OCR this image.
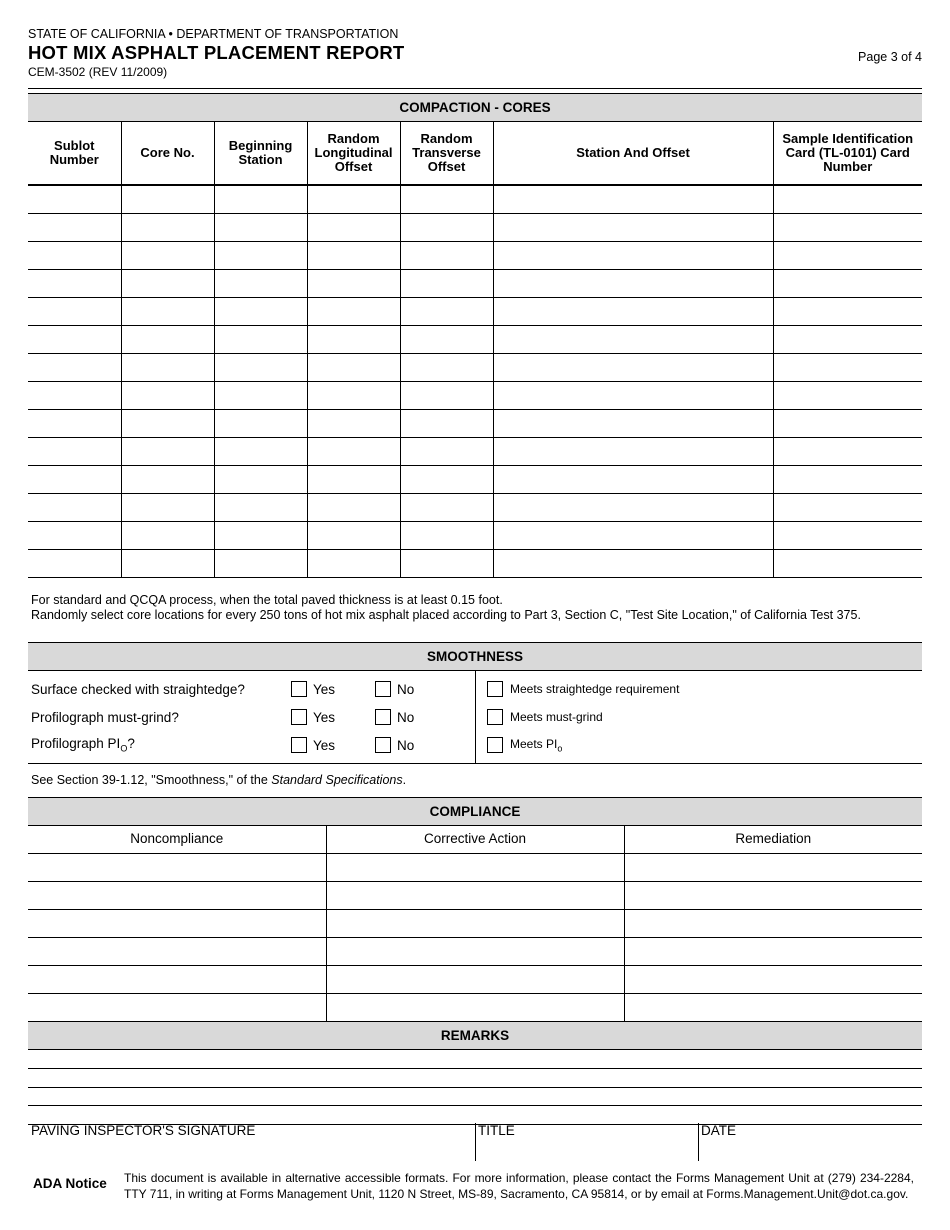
STATE OF CALIFORNIA • DEPARTMENT OF TRANSPORTATION
HOT MIX ASPHALT PLACEMENT REPORT
CEM-3502 (REV 11/2009)
Page 3 of 4
COMPACTION - CORES
Sublot Number	Core No.	Beginning Station	Random Longitudinal Offset	Random Transverse Offset	Station And Offset	Sample Identification Card (TL-0101) Card Number

For standard and QCQA process, when the total paved thickness is at least 0.15 foot.
Randomly select core locations for every 250 tons of hot mix asphalt placed according to Part 3, Section C, "Test Site Location," of California Test 375.
SMOOTHNESS
Surface checked with straightedge?	Yes	No	Meets straightedge requirement
Profilograph must-grind?	Yes	No	Meets must-grind
Profilograph $PI_O$?	Yes	No	Meets $PI_o$
See Section 39-1.12, "Smoothness," of the Standard Specifications.
COMPLIANCE
Noncompliance	Corrective Action	Remediation

REMARKS
PAVING INSPECTOR'S SIGNATURE	TITLE	DATE
ADA Notice This document is available in alternative accessible formats. For more information, please contact the Forms Management Unit at (279) 234-2284, TTY 711, in writing at Forms Management Unit, 1120 N Street, MS-89, Sacramento, CA 95814, or by email at Forms.Management.Unit@dot.ca.gov.
